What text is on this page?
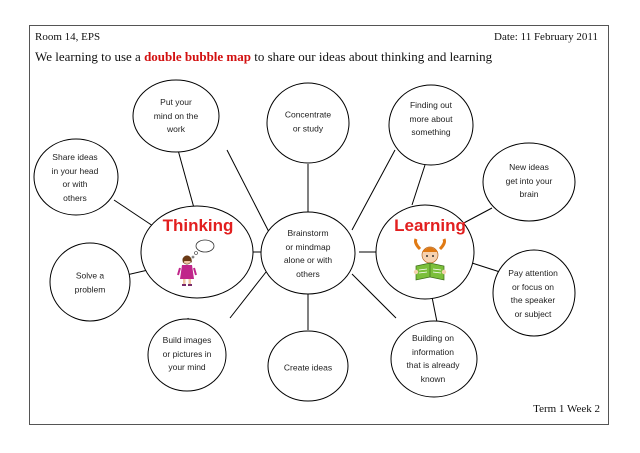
Room 14, EPS	Date: 11 February 2011
We learning to use a double bubble map to share our ideas about thinking and learning
Put your
mind on the
work
Share ideas
in your head
or with
others
Solve a
problem
Build images
or pictures in
your mind
Thinking	Learning
Concentrate
or study
Brainstorm
or mindmap
alone or with
others
Create ideas
Finding out
more about
something
New ideas
get into your
brain
Pay attention
or focus on
the speaker
or subject
Building on
information
that is already
known
Term 1 Week 2
